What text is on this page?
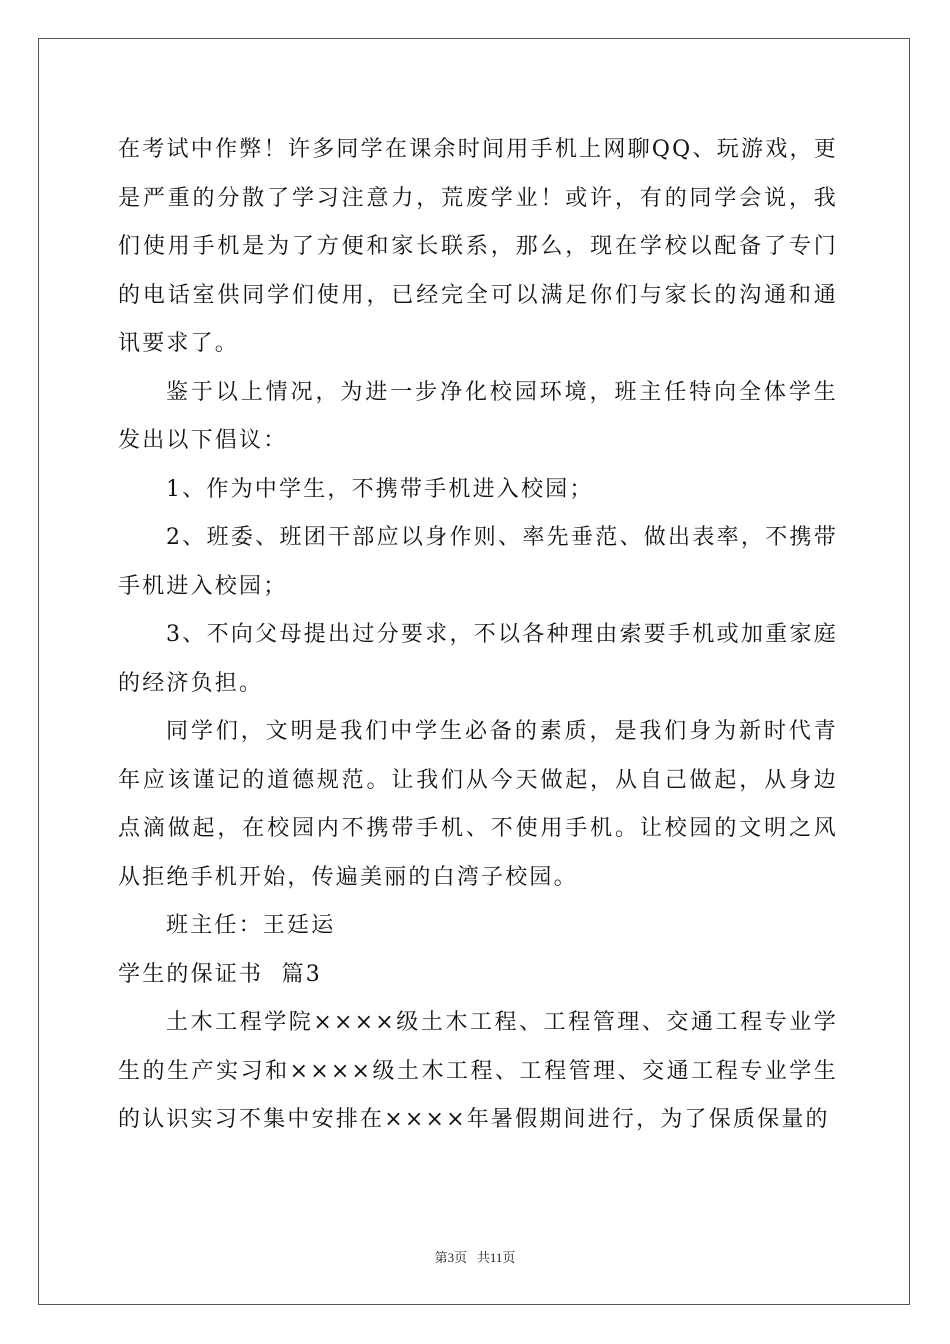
在考试中作弊！许多同学在课余时间用手机上网聊QQ、玩游戏，更是严重的分散了学习注意力，荒废学业！或许，有的同学会说，我们使用手机是为了方便和家长联系，那么，现在学校以配备了专门的电话室供同学们使用，已经完全可以满足你们与家长的沟通和通讯要求了。

鉴于以上情况，为进一步净化校园环境，班主任特向全体学生发出以下倡议：

1、作为中学生，不携带手机进入校园；

2、班委、班团干部应以身作则、率先垂范、做出表率，不携带手机进入校园；

3、不向父母提出过分要求，不以各种理由索要手机或加重家庭的经济负担。

同学们，文明是我们中学生必备的素质，是我们身为新时代青年应该谨记的道德规范。让我们从今天做起，从自己做起，从身边点滴做起，在校园内不携带手机、不使用手机。让校园的文明之风从拒绝手机开始，传遍美丽的白湾子校园。

班主任：王廷运

学生的保证书  篇3

土木工程学院××××级土木工程、工程管理、交通工程专业学生的生产实习和××××级土木工程、工程管理、交通工程专业学生的认识实习不集中安排在××××年暑假期间进行，为了保质保量的

第3页 共11页
